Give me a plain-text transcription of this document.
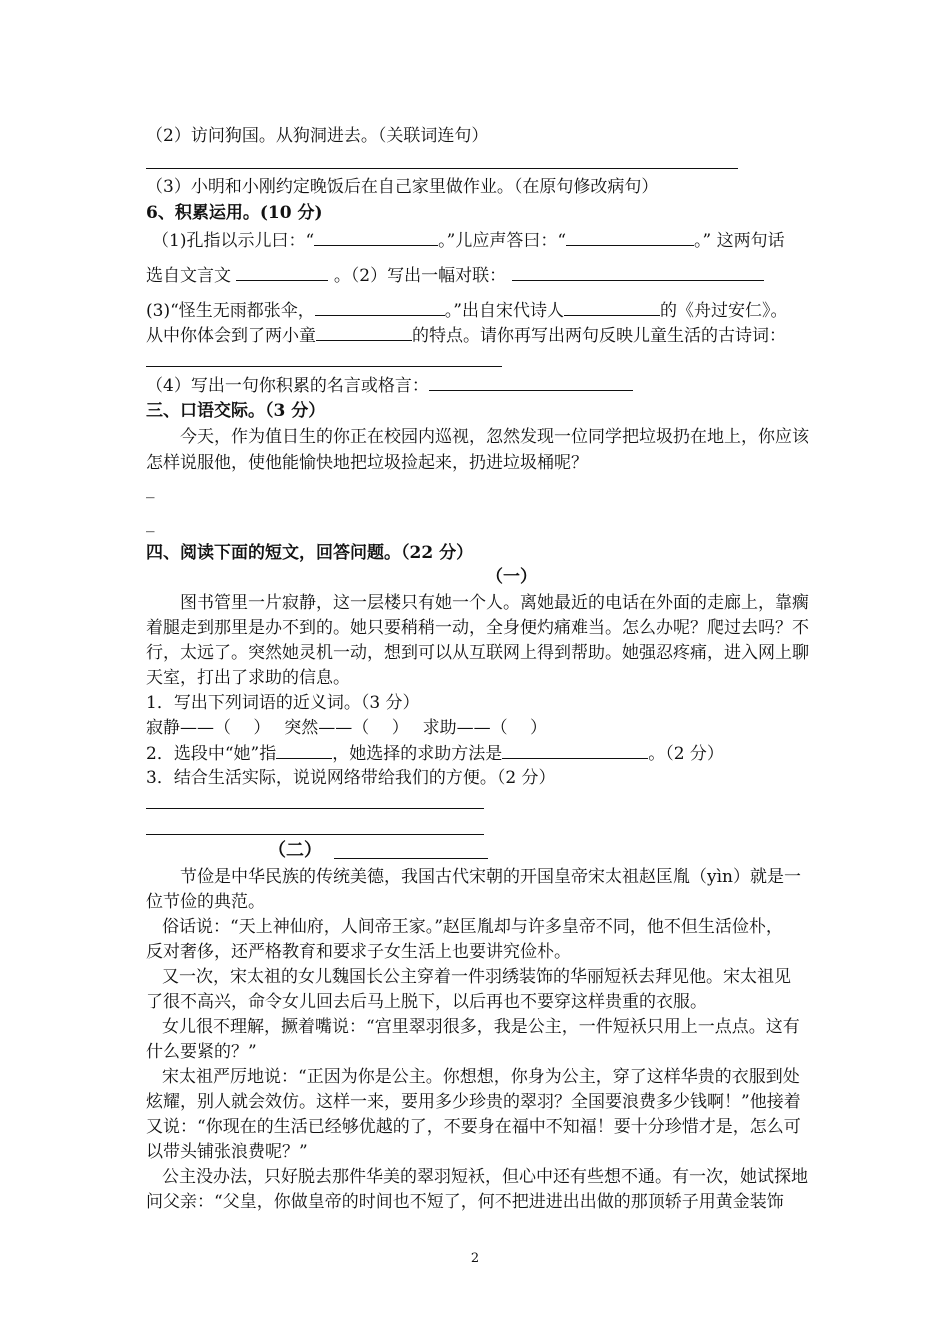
（2）访问狗国。从狗洞进去。（关联词连句）
（3）小明和小刚约定晚饭后在自己家里做作业。（在原句修改病句）
6、积累运用。(10 分)
（1)孔指以示儿曰：“	。”儿应声答曰：“	。” 这两句话
选自文言文	。（2）写出一幅对联：
(3)“怪生无雨都张伞，	。”出自宋代诗人	的《舟过安仁》。
从中你体会到了两小童	的特点。请你再写出两句反映儿童生活的古诗词：
（4）写出一句你积累的名言或格言：
三、口语交际。（3 分）
今天，作为值日生的你正在校园内巡视，忽然发现一位同学把垃圾扔在地上，你应该
怎样说服他，使他能愉快地把垃圾捡起来，扔进垃圾桶呢？
_
_
四、阅读下面的短文，回答问题。（22 分）
（一）
图书管里一片寂静，这一层楼只有她一个人。离她最近的电话在外面的走廊上，靠瘸
着腿走到那里是办不到的。她只要稍稍一动，全身便灼痛难当。怎么办呢？爬过去吗？不
行，太远了。突然她灵机一动，想到可以从互联网上得到帮助。她强忍疼痛，进入网上聊
天室，打出了求助的信息。
1．写出下列词语的近义词。（3 分）
寂静——（　 ）　 突然——（　 ）　 求助——（　 ）
2．选段中“她”指	，她选择的求助方法是	。（2 分）
3．结合生活实际，说说网络带给我们的方便。（2 分）
（二）
节俭是中华民族的传统美德，我国古代宋朝的开国皇帝宋太祖赵匡胤（yìn）就是一
位节俭的典范。
俗话说：“天上神仙府，人间帝王家。”赵匡胤却与许多皇帝不同，他不但生活俭朴，
反对奢侈，还严格教育和要求子女生活上也要讲究俭朴。
又一次，宋太祖的女儿魏国长公主穿着一件羽绣装饰的华丽短袄去拜见他。宋太祖见
了很不高兴，命令女儿回去后马上脱下，以后再也不要穿这样贵重的衣服。
女儿很不理解，撅着嘴说：“宫里翠羽很多，我是公主，一件短袄只用上一点点。这有
什么要紧的？”
宋太祖严厉地说：“正因为你是公主。你想想，你身为公主，穿了这样华贵的衣服到处
炫耀，别人就会效仿。这样一来，要用多少珍贵的翠羽？全国要浪费多少钱啊！”他接着
又说：“你现在的生活已经够优越的了，不要身在福中不知福！要十分珍惜才是，怎么可
以带头铺张浪费呢？”
公主没办法，只好脱去那件华美的翠羽短袄，但心中还有些想不通。有一次，她试探地
问父亲：“父皇，你做皇帝的时间也不短了，何不把进进出出做的那顶轿子用黄金装饰
2
